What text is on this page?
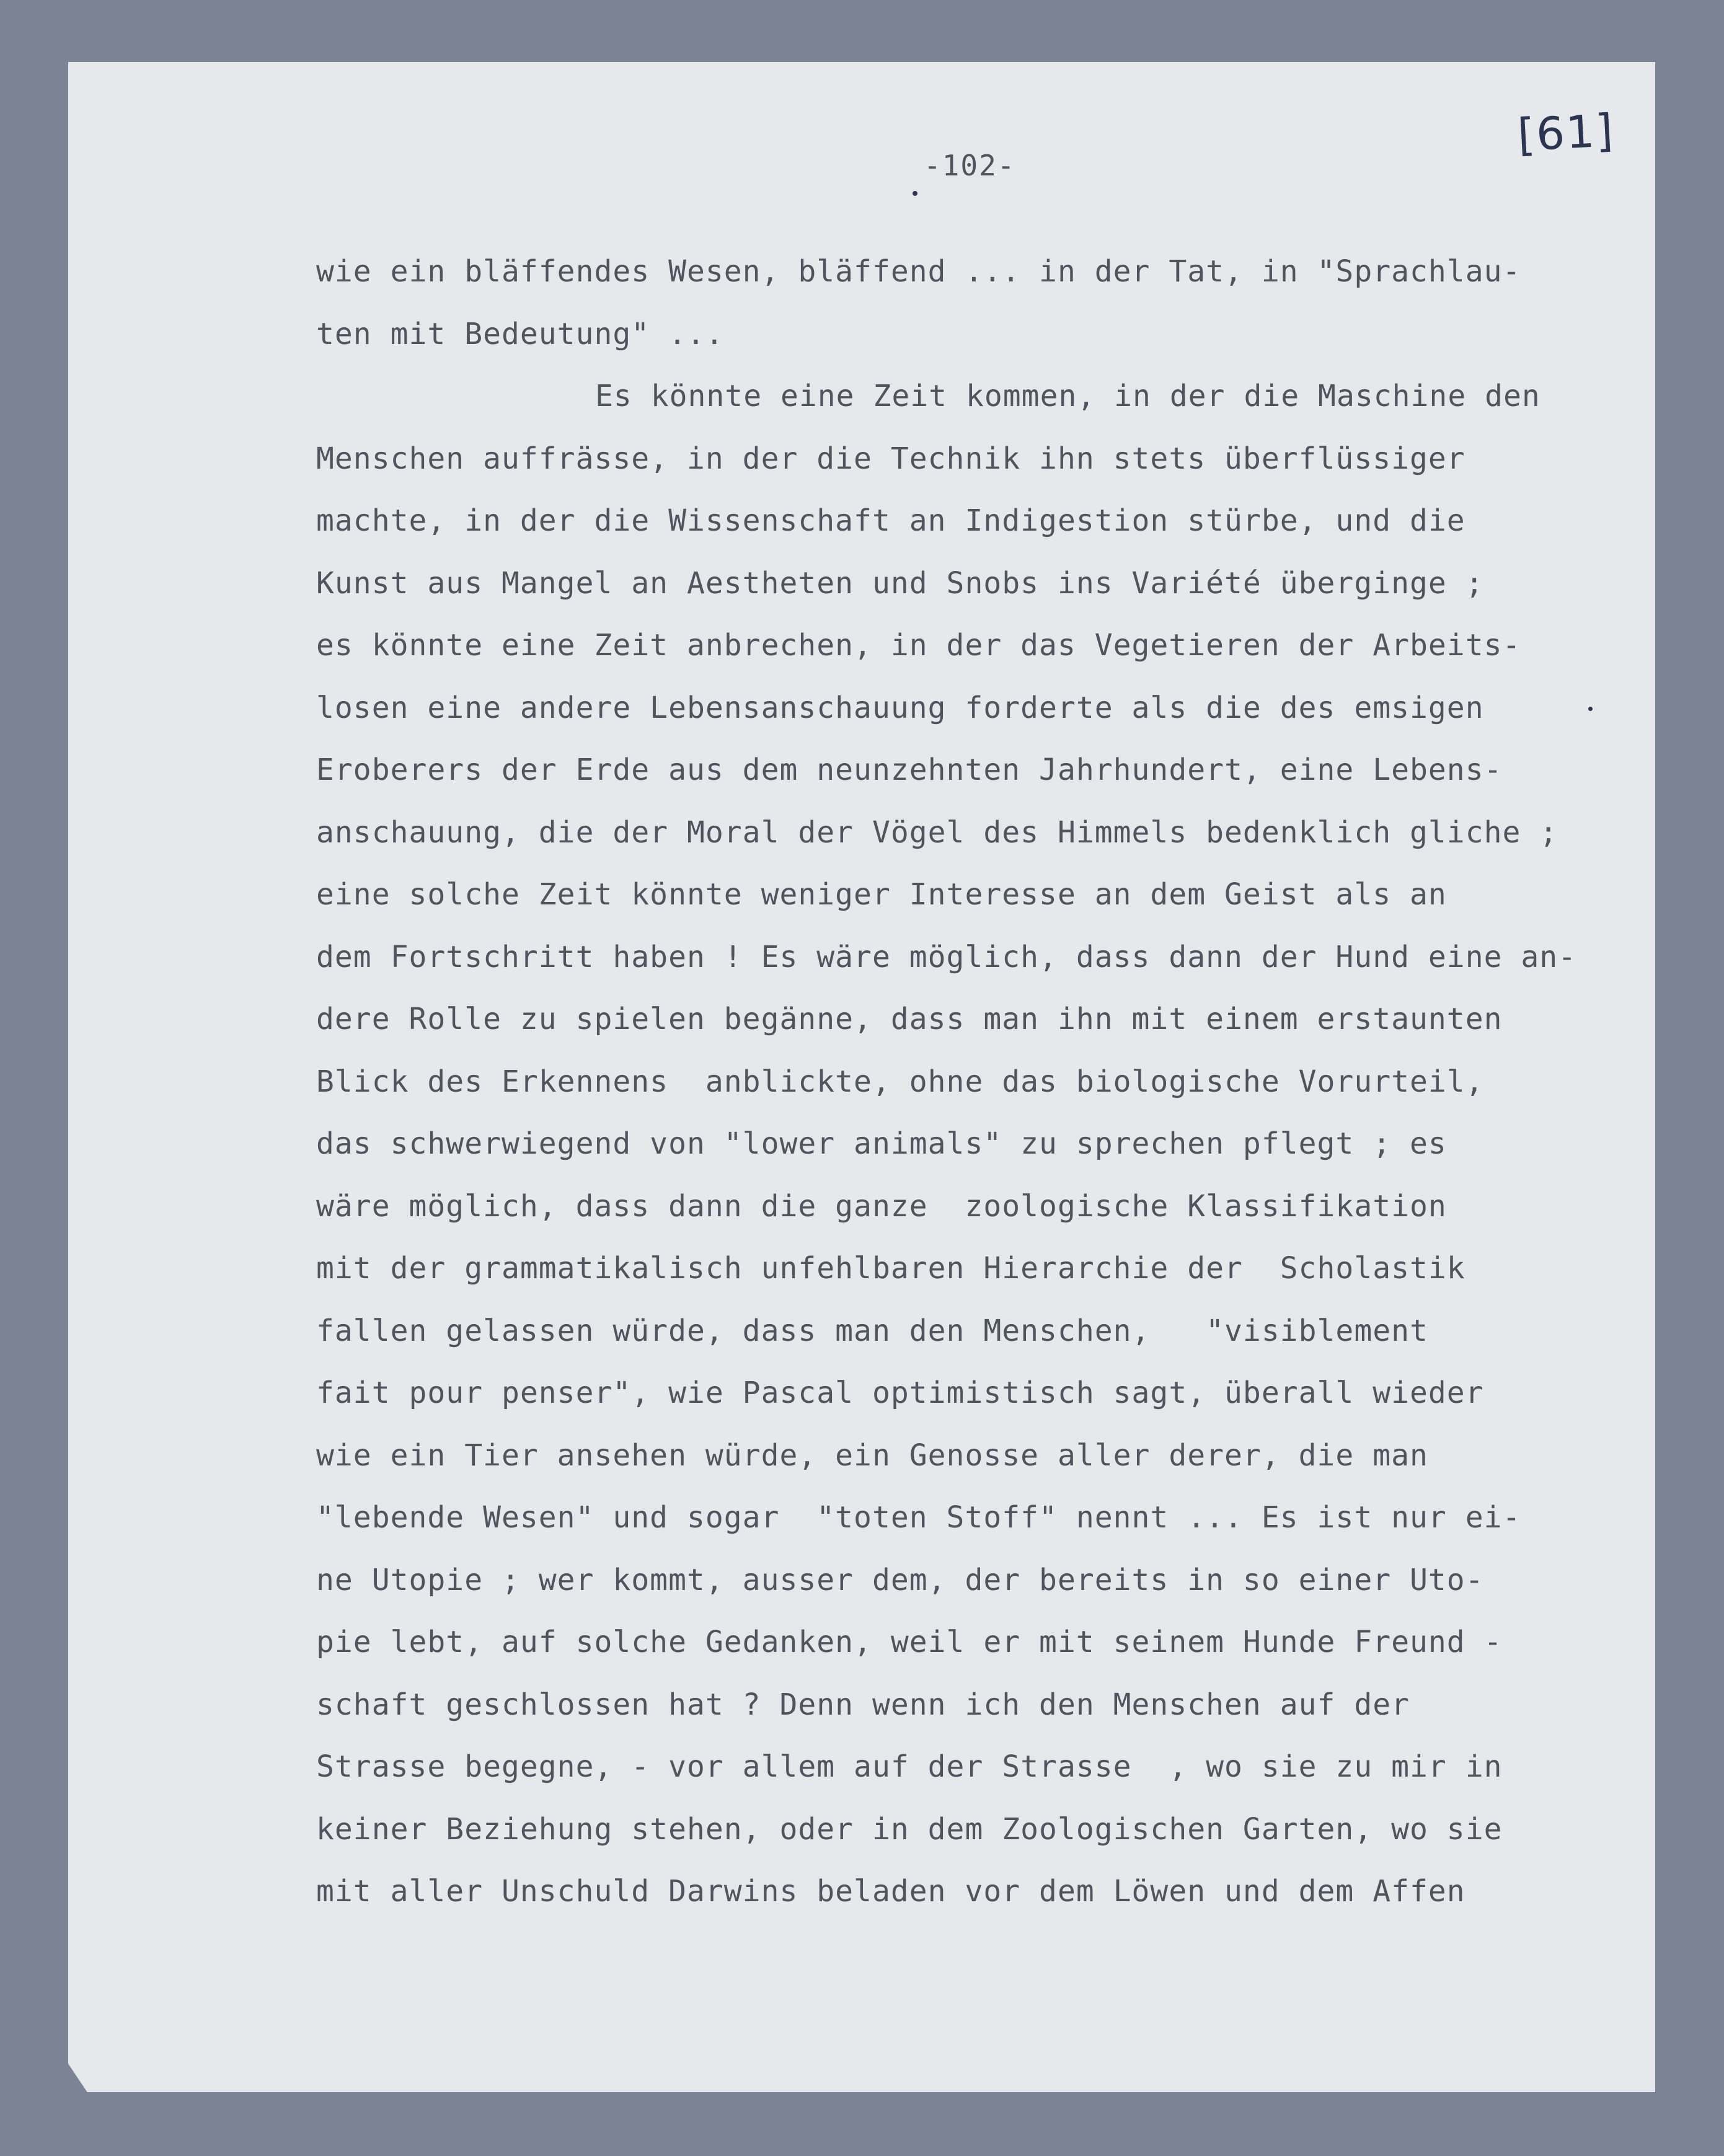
[61]
-102-
wie ein bläffendes Wesen, bläffend ... in der Tat, in "Sprachlau-
ten mit Bedeutung" ...
Es könnte eine Zeit kommen, in der die Maschine den
Menschen auffrässe, in der die Technik ihn stets überflüssiger
machte, in der die Wissenschaft an Indigestion stürbe, und die
Kunst aus Mangel an Aestheten und Snobs ins Variété überginge ;
es könnte eine Zeit anbrechen, in der das Vegetieren der Arbeits-
losen eine andere Lebensanschauung forderte als die des emsigen
Eroberers der Erde aus dem neunzehnten Jahrhundert, eine Lebens-
anschauung, die der Moral der Vögel des Himmels bedenklich gliche ;
eine solche Zeit könnte weniger Interesse an dem Geist als an
dem Fortschritt haben ! Es wäre möglich, dass dann der Hund eine an-
dere Rolle zu spielen begänne, dass man ihn mit einem erstaunten
Blick des Erkennens  anblickte, ohne das biologische Vorurteil,
das schwerwiegend von "lower animals" zu sprechen pflegt ; es
wäre möglich, dass dann die ganze  zoologische Klassifikation
mit der grammatikalisch unfehlbaren Hierarchie der  Scholastik
fallen gelassen würde, dass man den Menschen,   "visiblement
fait pour penser", wie Pascal optimistisch sagt, überall wieder
wie ein Tier ansehen würde, ein Genosse aller derer, die man
"lebende Wesen" und sogar  "toten Stoff" nennt ... Es ist nur ei-
ne Utopie ; wer kommt, ausser dem, der bereits in so einer Uto-
pie lebt, auf solche Gedanken, weil er mit seinem Hunde Freund -
schaft geschlossen hat ? Denn wenn ich den Menschen auf der
Strasse begegne, - vor allem auf der Strasse  , wo sie zu mir in
keiner Beziehung stehen, oder in dem Zoologischen Garten, wo sie
mit aller Unschuld Darwins beladen vor dem Löwen und dem Affen
